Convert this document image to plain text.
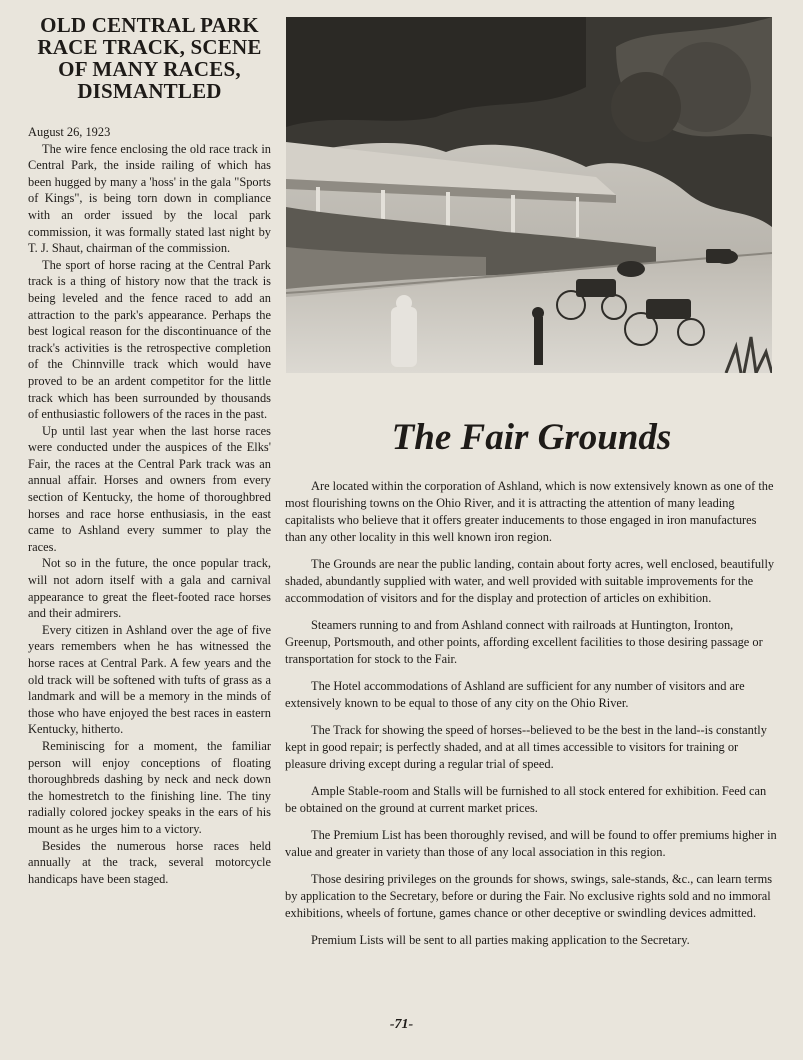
OLD CENTRAL PARK
RACE TRACK, SCENE
OF MANY RACES,
DISMANTLED

August 26, 1923

The wire fence enclosing the old race track in Central Park, the inside railing of which has been hugged by many a 'hoss' in the gala "Sports of Kings", is being torn down in compliance with an order issued by the local park commission, it was formally stated last night by T. J. Shaut, chairman of the commission.

The sport of horse racing at the Central Park track is a thing of history now that the track is being leveled and the fence raced to add an attraction to the park's appearance. Perhaps the best logical reason for the discontinuance of the track's activities is the retrospective completion of the Chinnville track which would have proved to be an ardent competitor for the little track which has been surrounded by thousands of enthusiastic followers of the races in the past.

Up until last year when the last horse races were conducted under the auspices of the Elks' Fair, the races at the Central Park track was an annual affair. Horses and owners from every section of Kentucky, the home of thoroughbred horses and race horse enthusiasis, in the east came to Ashland every summer to play the races.

Not so in the future, the once popular track, will not adorn itself with a gala and carnival appearance to great the fleet-footed race horses and their admirers.

Every citizen in Ashland over the age of five years remembers when he has witnessed the horse races at Central Park. A few years and the old track will be softened with tufts of grass as a landmark and will be a memory in the minds of those who have enjoyed the best races in eastern Kentucky, hitherto.

Reminiscing for a moment, the familiar person will enjoy conceptions of floating thoroughbreds dashing by neck and neck down the homestretch to the finishing line. The tiny radially colored jockey speaks in the ears of his mount as he urges him to a victory.

Besides the numerous horse races held annually at the track, several motorcycle handicaps have been staged.

The Fair Grounds

Are located within the corporation of Ashland, which is now extensively known as one of the most flourishing towns on the Ohio River, and it is attracting the attention of many leading capitalists who believe that it offers greater inducements to those engaged in iron manufactures than any other locality in this well known iron region.

The Grounds are near the public landing, contain about forty acres, well enclosed, beautifully shaded, abundantly supplied with water, and well provided with suitable improvements for the accommodation of visitors and for the display and protection of articles on exhibition.

Steamers running to and from Ashland connect with railroads at Huntington, Ironton, Greenup, Portsmouth, and other points, affording excellent facilities to those desiring passage or transportation for stock to the Fair.

The Hotel accommodations of Ashland are sufficient for any number of visitors and are extensively known to be equal to those of any city on the Ohio River.

The Track for showing the speed of horses--believed to be the best in the land--is constantly kept in good repair; is perfectly shaded, and at all times accessible to visitors for training or pleasure driving except during a regular trial of speed.

Ample Stable-room and Stalls will be furnished to all stock entered for exhibition. Feed can be obtained on the ground at current market prices.

The Premium List has been thoroughly revised, and will be found to offer premiums higher in value and greater in variety than those of any local association in this region.

Those desiring privileges on the grounds for shows, swings, sale-stands, &c., can learn terms by application to the Secretary, before or during the Fair. No exclusive rights sold and no immoral exhibitions, wheels of fortune, games chance or other deceptive or swindling devices admitted.

Premium Lists will be sent to all parties making application to the Secretary.

-71-
